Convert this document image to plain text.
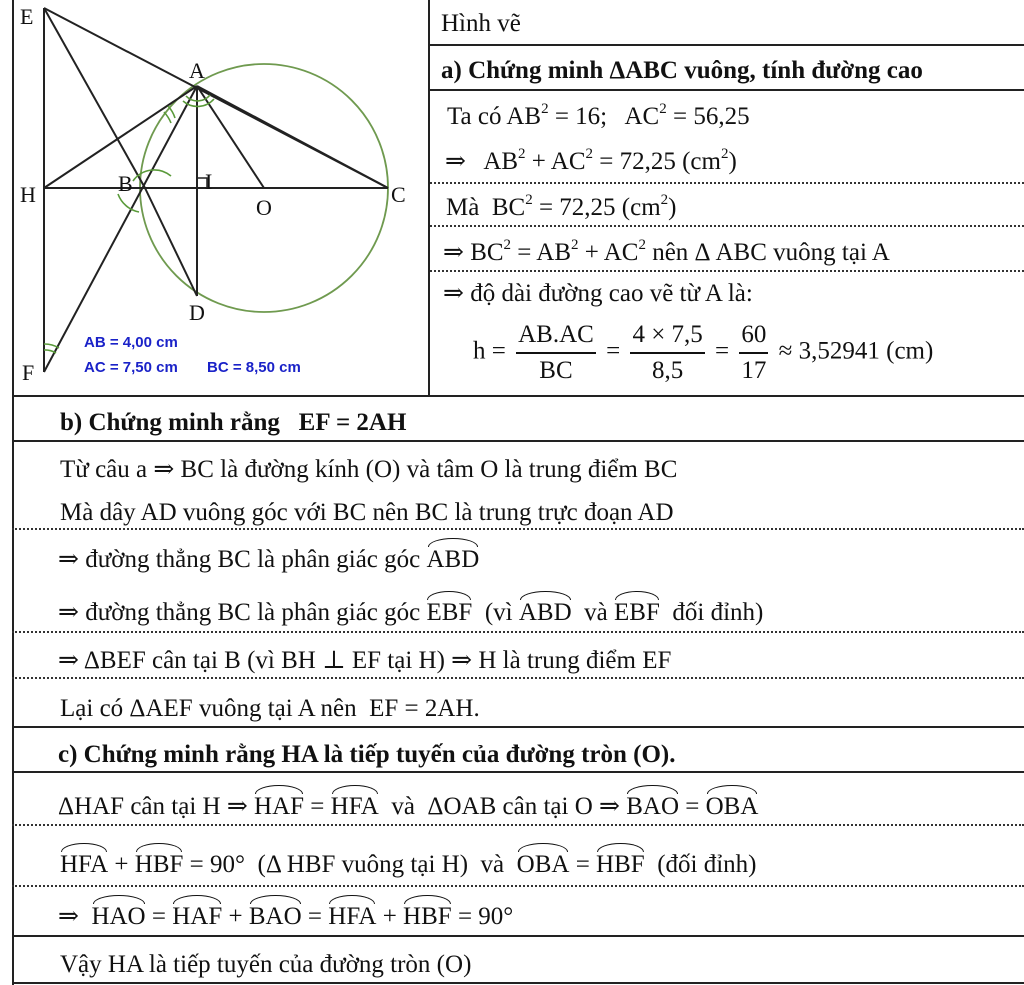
E
A
H	B	I
O
C
D
F
AB = 4,00 cm
AC = 7,50 cm BC = 8,50 cm
Hình vẽ
a) Chứng minh ΔABC vuông, tính đường cao
Ta có $AB^2 = 16$;   $AC^2 = 56,25$
⇒   $AB^2 + AC^2 = 72,25$ $(cm^2)$
Mà  $BC^2 = 72,25$ $(cm^2)$
⇒ $BC^2 = AB^2 + AC^2$ nên Δ ABC vuông tại A
⇒ độ dài đường cao vẽ từ A là:
$h = \frac{AB.AC}{BC} = \frac{4 \times 7,5}{8,5} = \frac{60}{17} \approx 3,52941$ (cm)
b) Chứng minh rằng   EF = 2AH
Từ câu a ⇒ BC là đường kính (O) và tâm O là trung điểm BC
Mà dây AD vuông góc với BC nên BC là trung trực đoạn AD
⇒ đường thẳng BC là phân giác góc ABD
⇒ đường thẳng BC là phân giác góc EBF  (vì ABD  và EBF  đối đỉnh)
⇒ ΔBEF cân tại B (vì BH ⊥ EF tại H) ⇒ H là trung điểm EF
Lại có ΔAEF vuông tại A nên  EF = 2AH.
c) Chứng minh rằng HA là tiếp tuyến của đường tròn (O).
ΔHAF cân tại H ⇒ HAF = HFA  và  ΔOAB cân tại O ⇒ BAO = OBA
HFA + HBF = 90°  (Δ HBF vuông tại H)  và  OBA = HBF  (đối đỉnh)
⇒  HAO = HAF + BAO = HFA + HBF = 90°
Vậy HA là tiếp tuyến của đường tròn (O)
